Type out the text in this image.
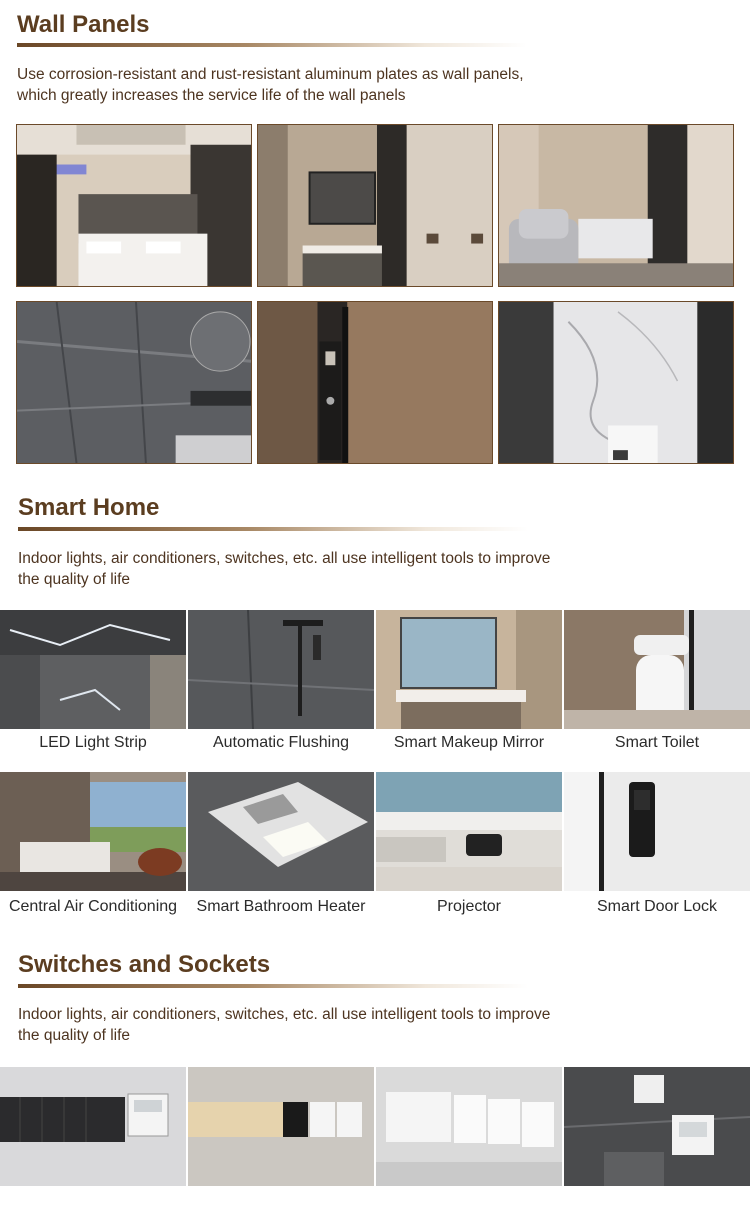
Wall Panels

Use corrosion-resistant and rust-resistant aluminum plates as wall panels,

which greatly increases the service life of the wall panels

Smart Home

Indoor lights, air conditioners, switches, etc. all use intelligent tools to improve

the quality of life

LED Light Strip	Automatic Flushing	Smart Makeup Mirror	Smart Toilet
Central Air Conditioning	Smart Bathroom Heater	Projector	Smart Door Lock
Switches and Sockets

Indoor lights, air conditioners, switches, etc. all use intelligent tools to improve

the quality of life
